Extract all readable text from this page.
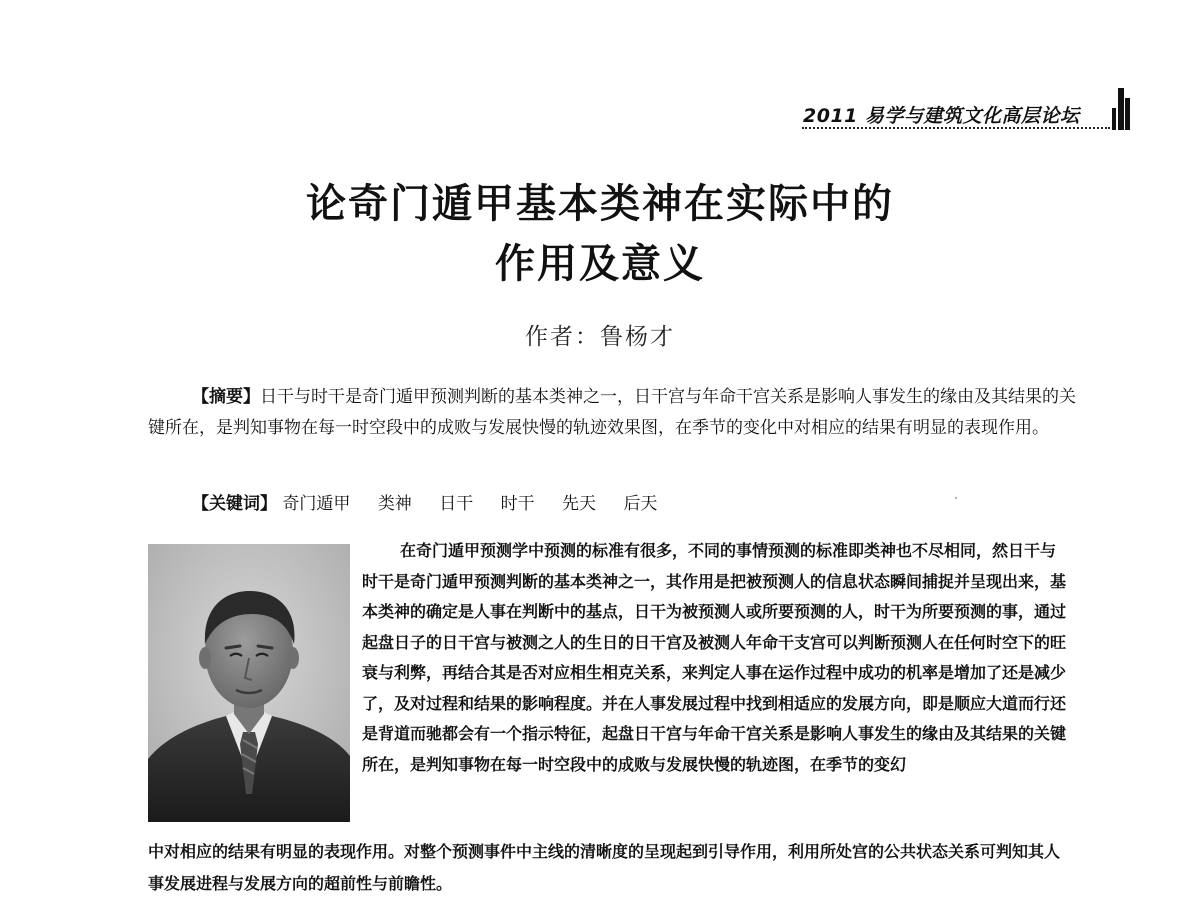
2011 易学与建筑文化高层论坛
论奇门遁甲基本类神在实际中的
作用及意义
作者：鲁杨才
【摘要】日干与时干是奇门遁甲预测判断的基本类神之一，日干宫与年命干宫关系是影响人事发生的缘由及其结果的关键所在，是判知事物在每一时空段中的成败与发展快慢的轨迹效果图，在季节的变化中对相应的结果有明显的表现作用。
【关键词】 奇门遁甲 类神 日干 时干 先天 后天
在奇门遁甲预测学中预测的标准有很多，不同的事情预测的标准即类神也不尽相同，然日干与时干是奇门遁甲预测判断的基本类神之一，其作用是把被预测人的信息状态瞬间捕捉并呈现出来，基本类神的确定是人事在判断中的基点，日干为被预测人或所要预测的人，时干为所要预测的事，通过起盘日子的日干宫与被测之人的生日的日干宫及被测人年命干支宫可以判断预测人在任何时空下的旺衰与利弊，再结合其是否对应相生相克关系，来判定人事在运作过程中成功的机率是增加了还是减少了，及对过程和结果的影响程度。并在人事发展过程中找到相适应的发展方向，即是顺应大道而行还是背道而驰都会有一个指示特征，起盘日干宫与年命干宫关系是影响人事发生的缘由及其结果的关键所在，是判知事物在每一时空段中的成败与发展快慢的轨迹图，在季节的变幻
中对相应的结果有明显的表现作用。对整个预测事件中主线的清晰度的呈现起到引导作用，利用所处宫的公共状态关系可判知其人事发展进程与发展方向的超前性与前瞻性。
